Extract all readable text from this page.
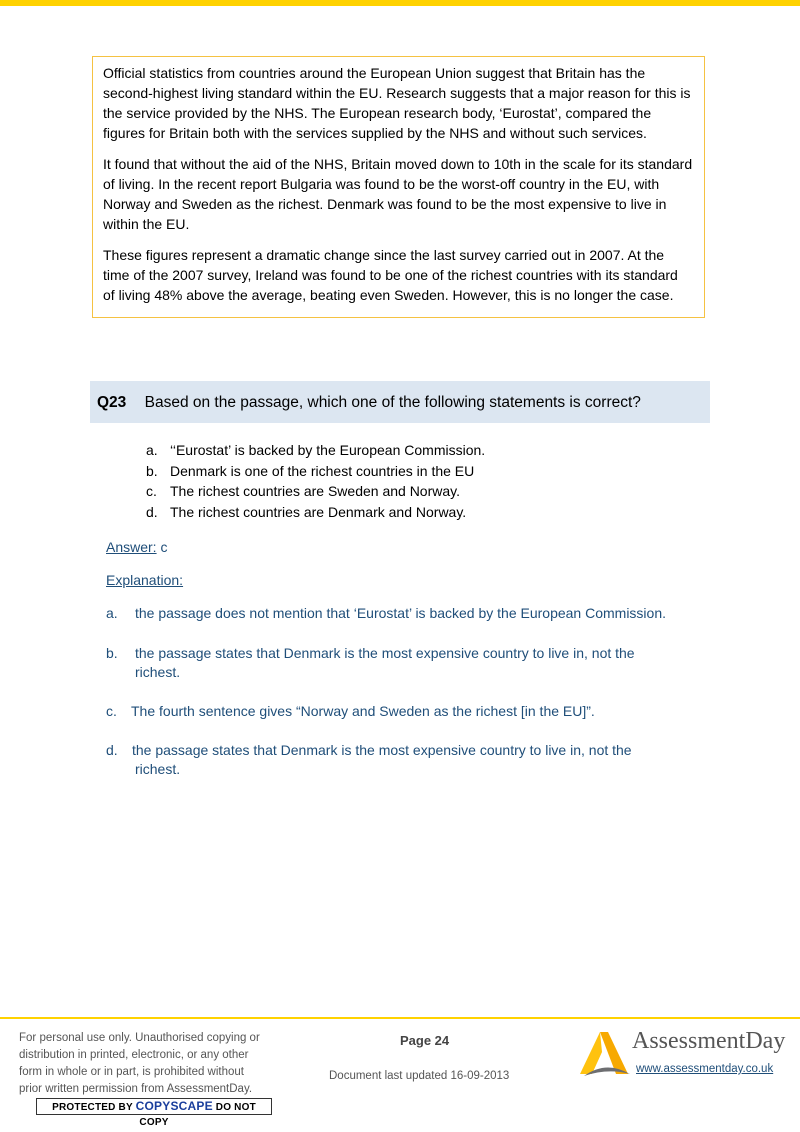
Official statistics from countries around the European Union suggest that Britain has the second-highest living standard within the EU. Research suggests that a major reason for this is the service provided by the NHS. The European research body, ‘Eurostat’, compared the figures for Britain both with the services supplied by the NHS and without such services.

It found that without the aid of the NHS, Britain moved down to 10th in the scale for its standard of living. In the recent report Bulgaria was found to be the worst-off country in the EU, with Norway and Sweden as the richest. Denmark was found to be the most expensive to live in within the EU.

These figures represent a dramatic change since the last survey carried out in 2007. At the time of the 2007 survey, Ireland was found to be one of the richest countries with its standard of living 48% above the average, beating even Sweden. However, this is no longer the case.

Q23 Based on the passage, which one of the following statements is correct?
a. ‘‘Eurostat’ is backed by the European Commission.
b. Denmark is one of the richest countries in the EU
c. The richest countries are Sweden and Norway.
d. The richest countries are Denmark and Norway.
Answer: c
Explanation:
a. the passage does not mention that ‘Eurostat’ is backed by the European Commission.
b. the passage states that Denmark is the most expensive country to live in, not the
richest.
c. The fourth sentence gives “Norway and Sweden as the richest [in the EU]”.
d. the passage states that Denmark is the most expensive country to live in, not the
richest.
For personal use only. Unauthorised copying or
distribution in printed, electronic, or any other
form in whole or in part, is prohibited without
prior written permission from AssessmentDay.
PROTECTED BY COPYSCAPE DO NOT COPY
Page 24
Document last updated 16-09-2013
AssessmentDay
www.assessmentday.co.uk
